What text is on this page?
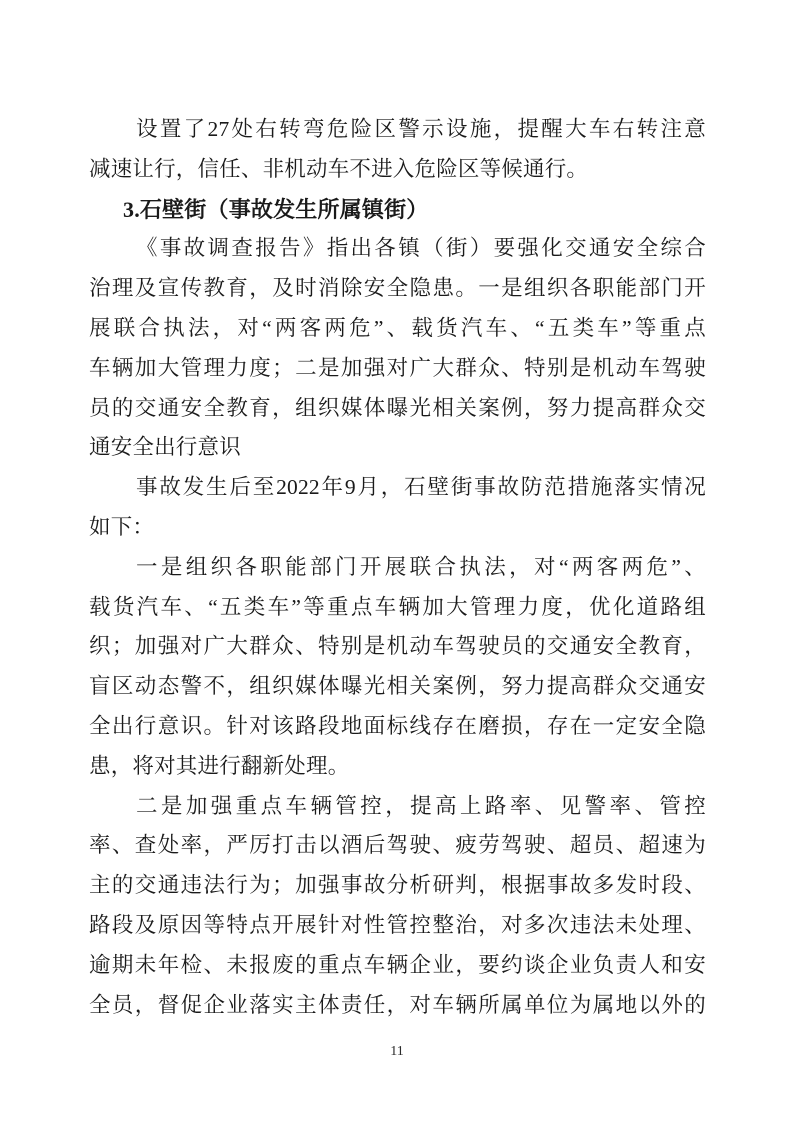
设置了27处右转弯危险区警示设施，提醒大车右转注意
减速让行，信任、非机动车不进入危险区等候通行。
3.石壁街（事故发生所属镇街）
《事故调查报告》指出各镇（街）要强化交通安全综合
治理及宣传教育，及时消除安全隐患。一是组织各职能部门开
展联合执法，对“两客两危”、载货汽车、“五类车”等重点
车辆加大管理力度；二是加强对广大群众、特别是机动车驾驶
员的交通安全教育，组织媒体曝光相关案例，努力提高群众交
通安全出行意识
事故发生后至2022年9月，石壁街事故防范措施落实情况
如下：
一是组织各职能部门开展联合执法，对“两客两危”、
载货汽车、“五类车”等重点车辆加大管理力度，优化道路组
织；加强对广大群众、特别是机动车驾驶员的交通安全教育，
盲区动态警不，组织媒体曝光相关案例，努力提高群众交通安
全出行意识。针对该路段地面标线存在磨损，存在一定安全隐
患，将对其进行翻新处理。
二是加强重点车辆管控，提高上路率、见警率、管控
率、查处率，严厉打击以酒后驾驶、疲劳驾驶、超员、超速为
主的交通违法行为；加强事故分析研判，根据事故多发时段、
路段及原因等特点开展针对性管控整治，对多次违法未处理、
逾期未年检、未报废的重点车辆企业，要约谈企业负责人和安
全员，督促企业落实主体责任，对车辆所属单位为属地以外的
11
